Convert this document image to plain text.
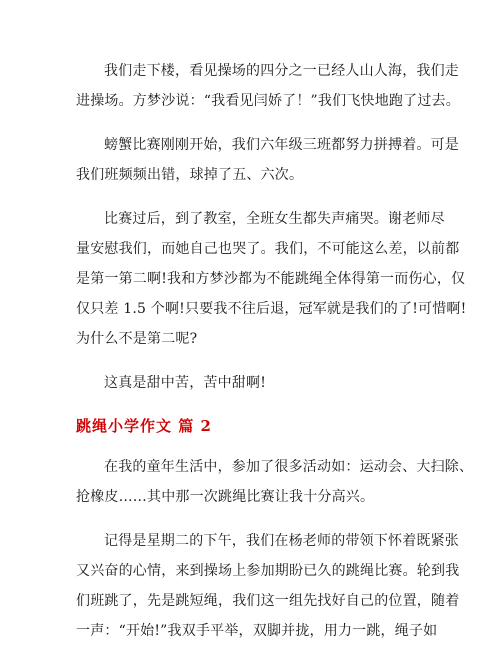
我们走下楼，看见操场的四分之一已经人山人海，我们走
进操场。方梦沙说：“我看见闫娇了！”我们飞快地跑了过去。

螃蟹比赛刚刚开始，我们六年级三班都努力拼搏着。可是
我们班频频出错，球掉了五、六次。

比赛过后，到了教室，全班女生都失声痛哭。谢老师尽
量安慰我们，而她自己也哭了。我们，不可能这么差，以前都
是第一第二啊!我和方梦沙都为不能跳绳全体得第一而伤心，仅
仅只差 1.5 个啊!只要我不往后退，冠军就是我们的了!可惜啊!
为什么不是第二呢?

这真是甜中苦，苦中甜啊!

跳绳小学作文 篇 2

在我的童年生活中，参加了很多活动如：运动会、大扫除、
抢橡皮……其中那一次跳绳比赛让我十分高兴。

记得是星期二的下午，我们在杨老师的带领下怀着既紧张
又兴奋的心情，来到操场上参加期盼已久的跳绳比赛。轮到我
们班跳了，先是跳短绳，我们这一组先找好自己的位置，随着
一声：“开始!”我双手平举，双脚并拢，用力一跳，绳子如
